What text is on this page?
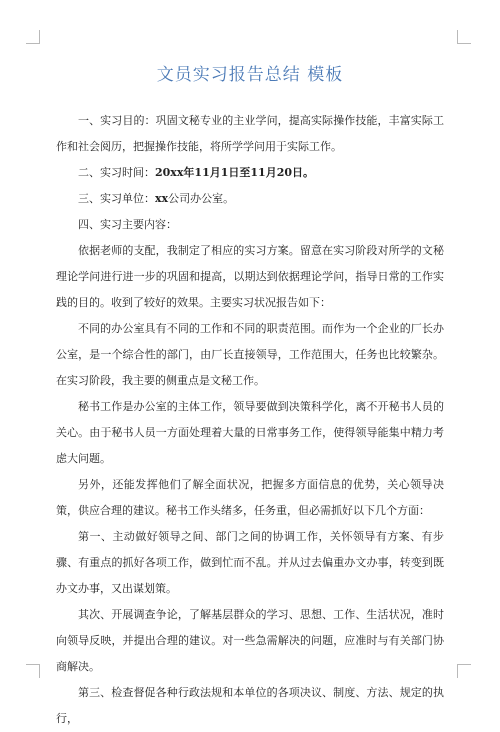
文员实习报告总结 模板

一、实习目的：巩固文秘专业的主业学问，提高实际操作技能，丰富实际工作和社会阅历，把握操作技能，将所学学问用于实际工作。

二、实习时间：20xx年11月1日至11月20日。

三、实习单位：xx公司办公室。

四、实习主要内容：

依据老师的支配，我制定了相应的实习方案。留意在实习阶段对所学的文秘理论学问进行进一步的巩固和提高，以期达到依据理论学问，指导日常的工作实践的目的。收到了较好的效果。主要实习状况报告如下：

不同的办公室具有不同的工作和不同的职责范围。而作为一个企业的厂长办公室，是一个综合性的部门，由厂长直接领导，工作范围大，任务也比较繁杂。在实习阶段，我主要的侧重点是文秘工作。

秘书工作是办公室的主体工作，领导要做到决策科学化，离不开秘书人员的关心。由于秘书人员一方面处理着大量的日常事务工作，使得领导能集中精力考虑大问题。

另外，还能发挥他们了解全面状况，把握多方面信息的优势，关心领导决策，供应合理的建议。秘书工作头绪多，任务重，但必需抓好以下几个方面：

第一、主动做好领导之间、部门之间的协调工作，关怀领导有方案、有步骤、有重点的抓好各项工作，做到忙而不乱。并从过去偏重办文办事，转变到既办文办事，又出谋划策。

其次、开展调查争论，了解基层群众的学习、思想、工作、生活状况，准时向领导反映，并提出合理的建议。对一些急需解决的问题，应准时与有关部门协商解决。

第三、检查督促各种行政法规和本单位的各项决议、制度、方法、规定的执行，
